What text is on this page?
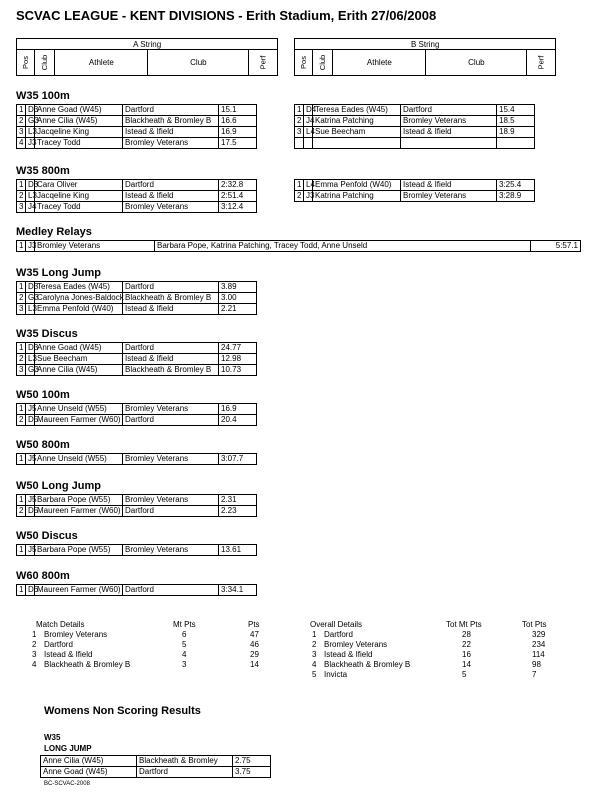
SCVAC LEAGUE - KENT DIVISIONS - Erith Stadium, Erith 27/06/2008
A String
Pos	Club	Athlete	Club	Perf
B String
Pos	Club	Athlete	Club	Perf
W35 100m
1	D3	Anne Goad (W45)	Dartford	15.1
2	G3	Anne Cilia (W45)	Blackheath & Bromley B	16.6
3	L3	Jacqeline King	Istead & Ifield	16.9
4	J3	Tracey Todd	Bromley Veterans	17.5
1	D4	Teresa Eades (W45)	Dartford	15.4
2	J4	Katrina Patching	Bromley Veterans	18.5
3	L4	Sue Beecham	Istead & Ifield	18.9

W35 800m
1	D3	Cara Oliver	Dartford	2:32.8
2	L3	Jacqeline King	Istead & Ifield	2:51.4
3	J4	Tracey Todd	Bromley Veterans	3:12.4
1	L4	Emma Penfold (W40)	Istead & Ifield	3:25.4
2	J3	Katrina Patching	Bromley Veterans	3:28.9
W35 Long Jump
1	D3	Teresa Eades (W45)	Dartford	3.89
2	G3	Carolyna Jones-Baldock	Blackheath & Bromley B	3.00
3	L3	Emma Penfold (W40)	Istead & Ifield	2.21
W35 Discus
1	D3	Anne Goad (W45)	Dartford	24.77
2	L3	Sue Beecham	Istead & Ifield	12.98
3	G3	Anne Cilia (W45)	Blackheath & Bromley B	10.73
W50 100m
1	J5	Anne Unseld (W55)	Bromley Veterans	16.9
2	D5	Maureen Farmer (W60)	Dartford	20.4
W50 800m
1	J5	Anne Unseld (W55)	Bromley Veterans	3:07.7
W50 Long Jump
1	J5	Barbara Pope (W55)	Bromley Veterans	2.31
2	D5	Maureen Farmer (W60)	Dartford	2.23
W50 Discus
1	J5	Barbara Pope (W55)	Bromley Veterans	13.61
W60 800m
1	D6	Maureen Farmer (W60)	Dartford	3:34.1
Medley Relays
1	J3	Bromley Veterans	Barbara Pope, Katrina Patching, Tracey Todd, Anne Unseld	5:57.1
Match Details	Mt Pts	Pts
1 Bromley Veterans	6	47
2 Dartford	5	46
3 Istead & Ifield	4	29
4 Blackheath & Bromley B	3	14
Overall Details	Tot Mt Pts	Tot Pts
1 Dartford	28	329
2 Bromley Veterans	22	234
3 Istead & Ifield	16	114
4 Blackheath & Bromley B	14	98
5 Invicta	5	7
Womens Non Scoring Results
W35
LONG JUMP
Anne Cilia (W45)	Blackheath & Bromley	2.75
Anne Goad (W45)	Dartford	3.75
BC-SCVAC-2008
